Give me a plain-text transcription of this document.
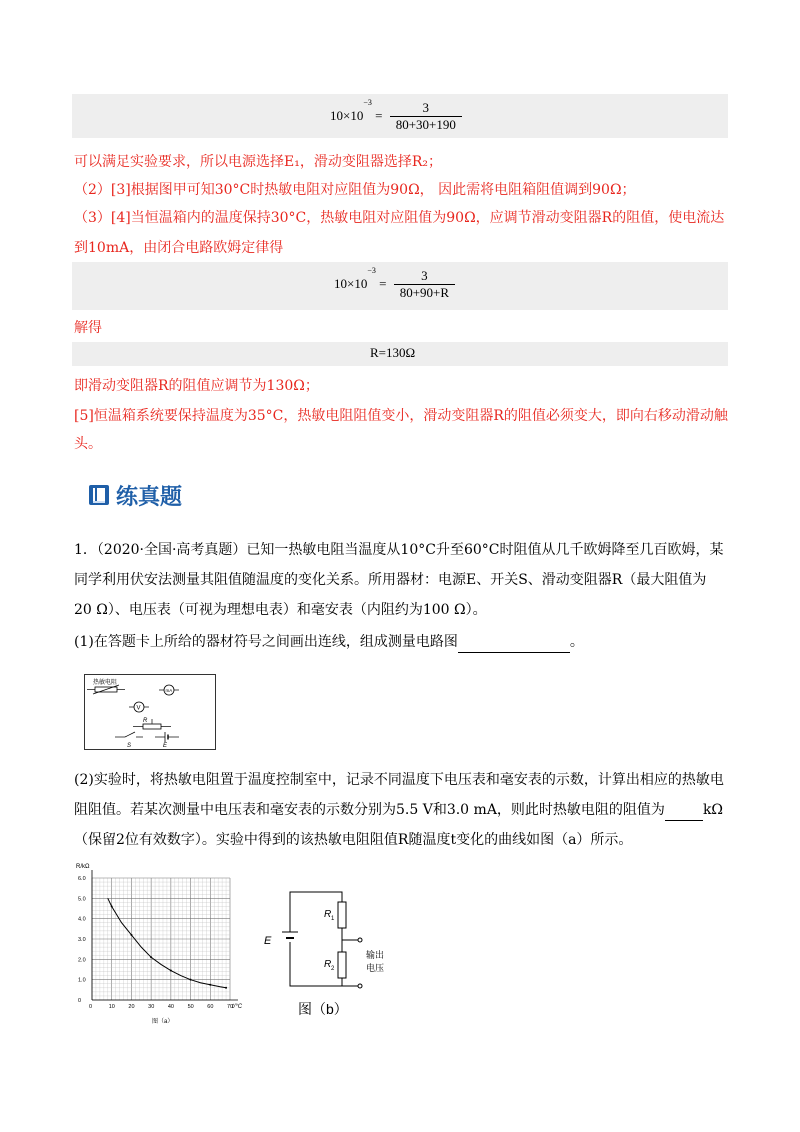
$10\times 10^{-3} = \frac{3}{80+30+190}$
可以满足实验要求，所以电源选择E₁，滑动变阻器选择R₂；
（2）[3]根据图甲可知30°C时热敏电阻对应阻值为90Ω， 因此需将电阻箱阻值调到90Ω；
（3）[4]当恒温箱内的温度保持30°C，热敏电阻对应阻值为90Ω，应调节滑动变阻器R的阻值，使电流达
到10mA，由闭合电路欧姆定律得
$10\times 10^{-3} = \frac{3}{80+90+R}$
解得
R=130Ω
即滑动变阻器R的阻值应调节为130Ω；
[5]恒温箱系统要保持温度为35°C，热敏电阻阻值变小，滑动变阻器R的阻值必须变大，即向右移动滑动触
头。
练真题
1．（2020·全国·高考真题）已知一热敏电阻当温度从10°C升至60°C时阻值从几千欧姆降至几百欧姆，某
同学利用伏安法测量其阻值随温度的变化关系。所用器材：电源E、开关S、滑动变阻器R（最大阻值为
20 Ω）、电压表（可视为理想电表）和毫安表（内阻约为100 Ω）。
(1)在答题卡上所给的器材符号之间画出连线，组成测量电路图	。
热敏电阻
mA
V
R
S	E
(2)实验时，将热敏电阻置于温度控制室中，记录不同温度下电压表和毫安表的示数，计算出相应的热敏电
阻阻值。若某次测量中电压表和毫安表的示数分别为5.5 V和3.0 mA，则此时热敏电阻的阻值为	kΩ
（保留2位有效数字）。实验中得到的该热敏电阻阻值R随温度t变化的曲线如图（a）所示。
R/kΩ
t/°C
图（a）
0	10 20 30 40 50 60 70
0
1.0
2.0
3.0
4.0
5.0
6.0
E
R 1
R 2
输出
电压
图（b）
